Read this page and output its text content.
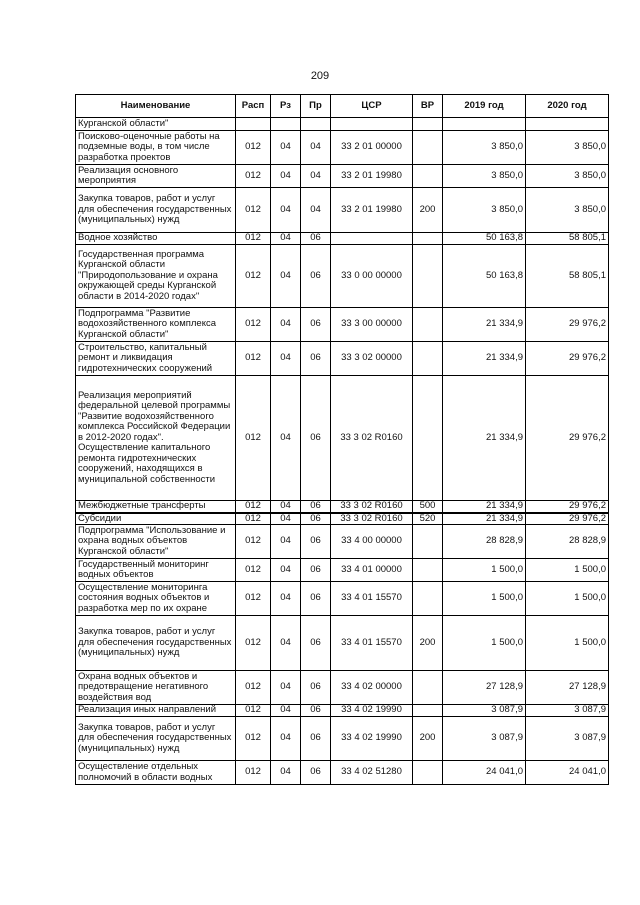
209
Наименование	Расп	Рз	Пр	ЦСР	ВР	2019 год	2020 год
Курганской области"							
Поисково-оценочные работы на подземные воды, в том числе разработка проектов	012	04	04	33 2 01 00000		3 850,0	3 850,0
Реализация основного мероприятия	012	04	04	33 2 01 19980		3 850,0	3 850,0
Закупка товаров, работ и услуг для обеспечения государственных (муниципальных) нужд	012	04	04	33 2 01 19980	200	3 850,0	3 850,0
Водное хозяйство	012	04	06			50 163,8	58 805,1
Государственная программа Курганской области "Природопользование и охрана окружающей среды Курганской области в 2014-2020 годах"	012	04	06	33 0 00 00000		50 163,8	58 805,1
Подпрограмма "Развитие водохозяйственного комплекса Курганской области"	012	04	06	33 3 00 00000		21 334,9	29 976,2
Строительство, капитальный ремонт и ликвидация гидротехнических сооружений	012	04	06	33 3 02 00000		21 334,9	29 976,2
Реализация мероприятий федеральной целевой программы "Развитие водохозяйственного комплекса Российской Федерации в 2012-2020 годах". Осуществление капитального ремонта гидротехнических сооружений, находящихся в муниципальной собственности	012	04	06	33 3 02 R0160		21 334,9	29 976,2
Межбюджетные трансферты	012	04	06	33 3 02 R0160	500	21 334,9	29 976,2
Субсидии	012	04	06	33 3 02 R0160	520	21 334,9	29 976,2
Подпрограмма "Использование и охрана водных объектов Курганской области"	012	04	06	33 4 00 00000		28 828,9	28 828,9
Государственный мониторинг водных объектов	012	04	06	33 4 01 00000		1 500,0	1 500,0
Осуществление мониторинга состояния водных объектов и разработка мер по их охране	012	04	06	33 4 01 15570		1 500,0	1 500,0
Закупка товаров, работ и услуг для обеспечения государственных (муниципальных) нужд	012	04	06	33 4 01 15570	200	1 500,0	1 500,0
Охрана водных объектов и предотвращение негативного воздействия вод	012	04	06	33 4 02 00000		27 128,9	27 128,9
Реализация иных направлений	012	04	06	33 4 02 19990		3 087,9	3 087,9
Закупка товаров, работ и услуг для обеспечения государственных (муниципальных) нужд	012	04	06	33 4 02 19990	200	3 087,9	3 087,9
Осуществление отдельных полномочий в области водных	012	04	06	33 4 02 51280		24 041,0	24 041,0
